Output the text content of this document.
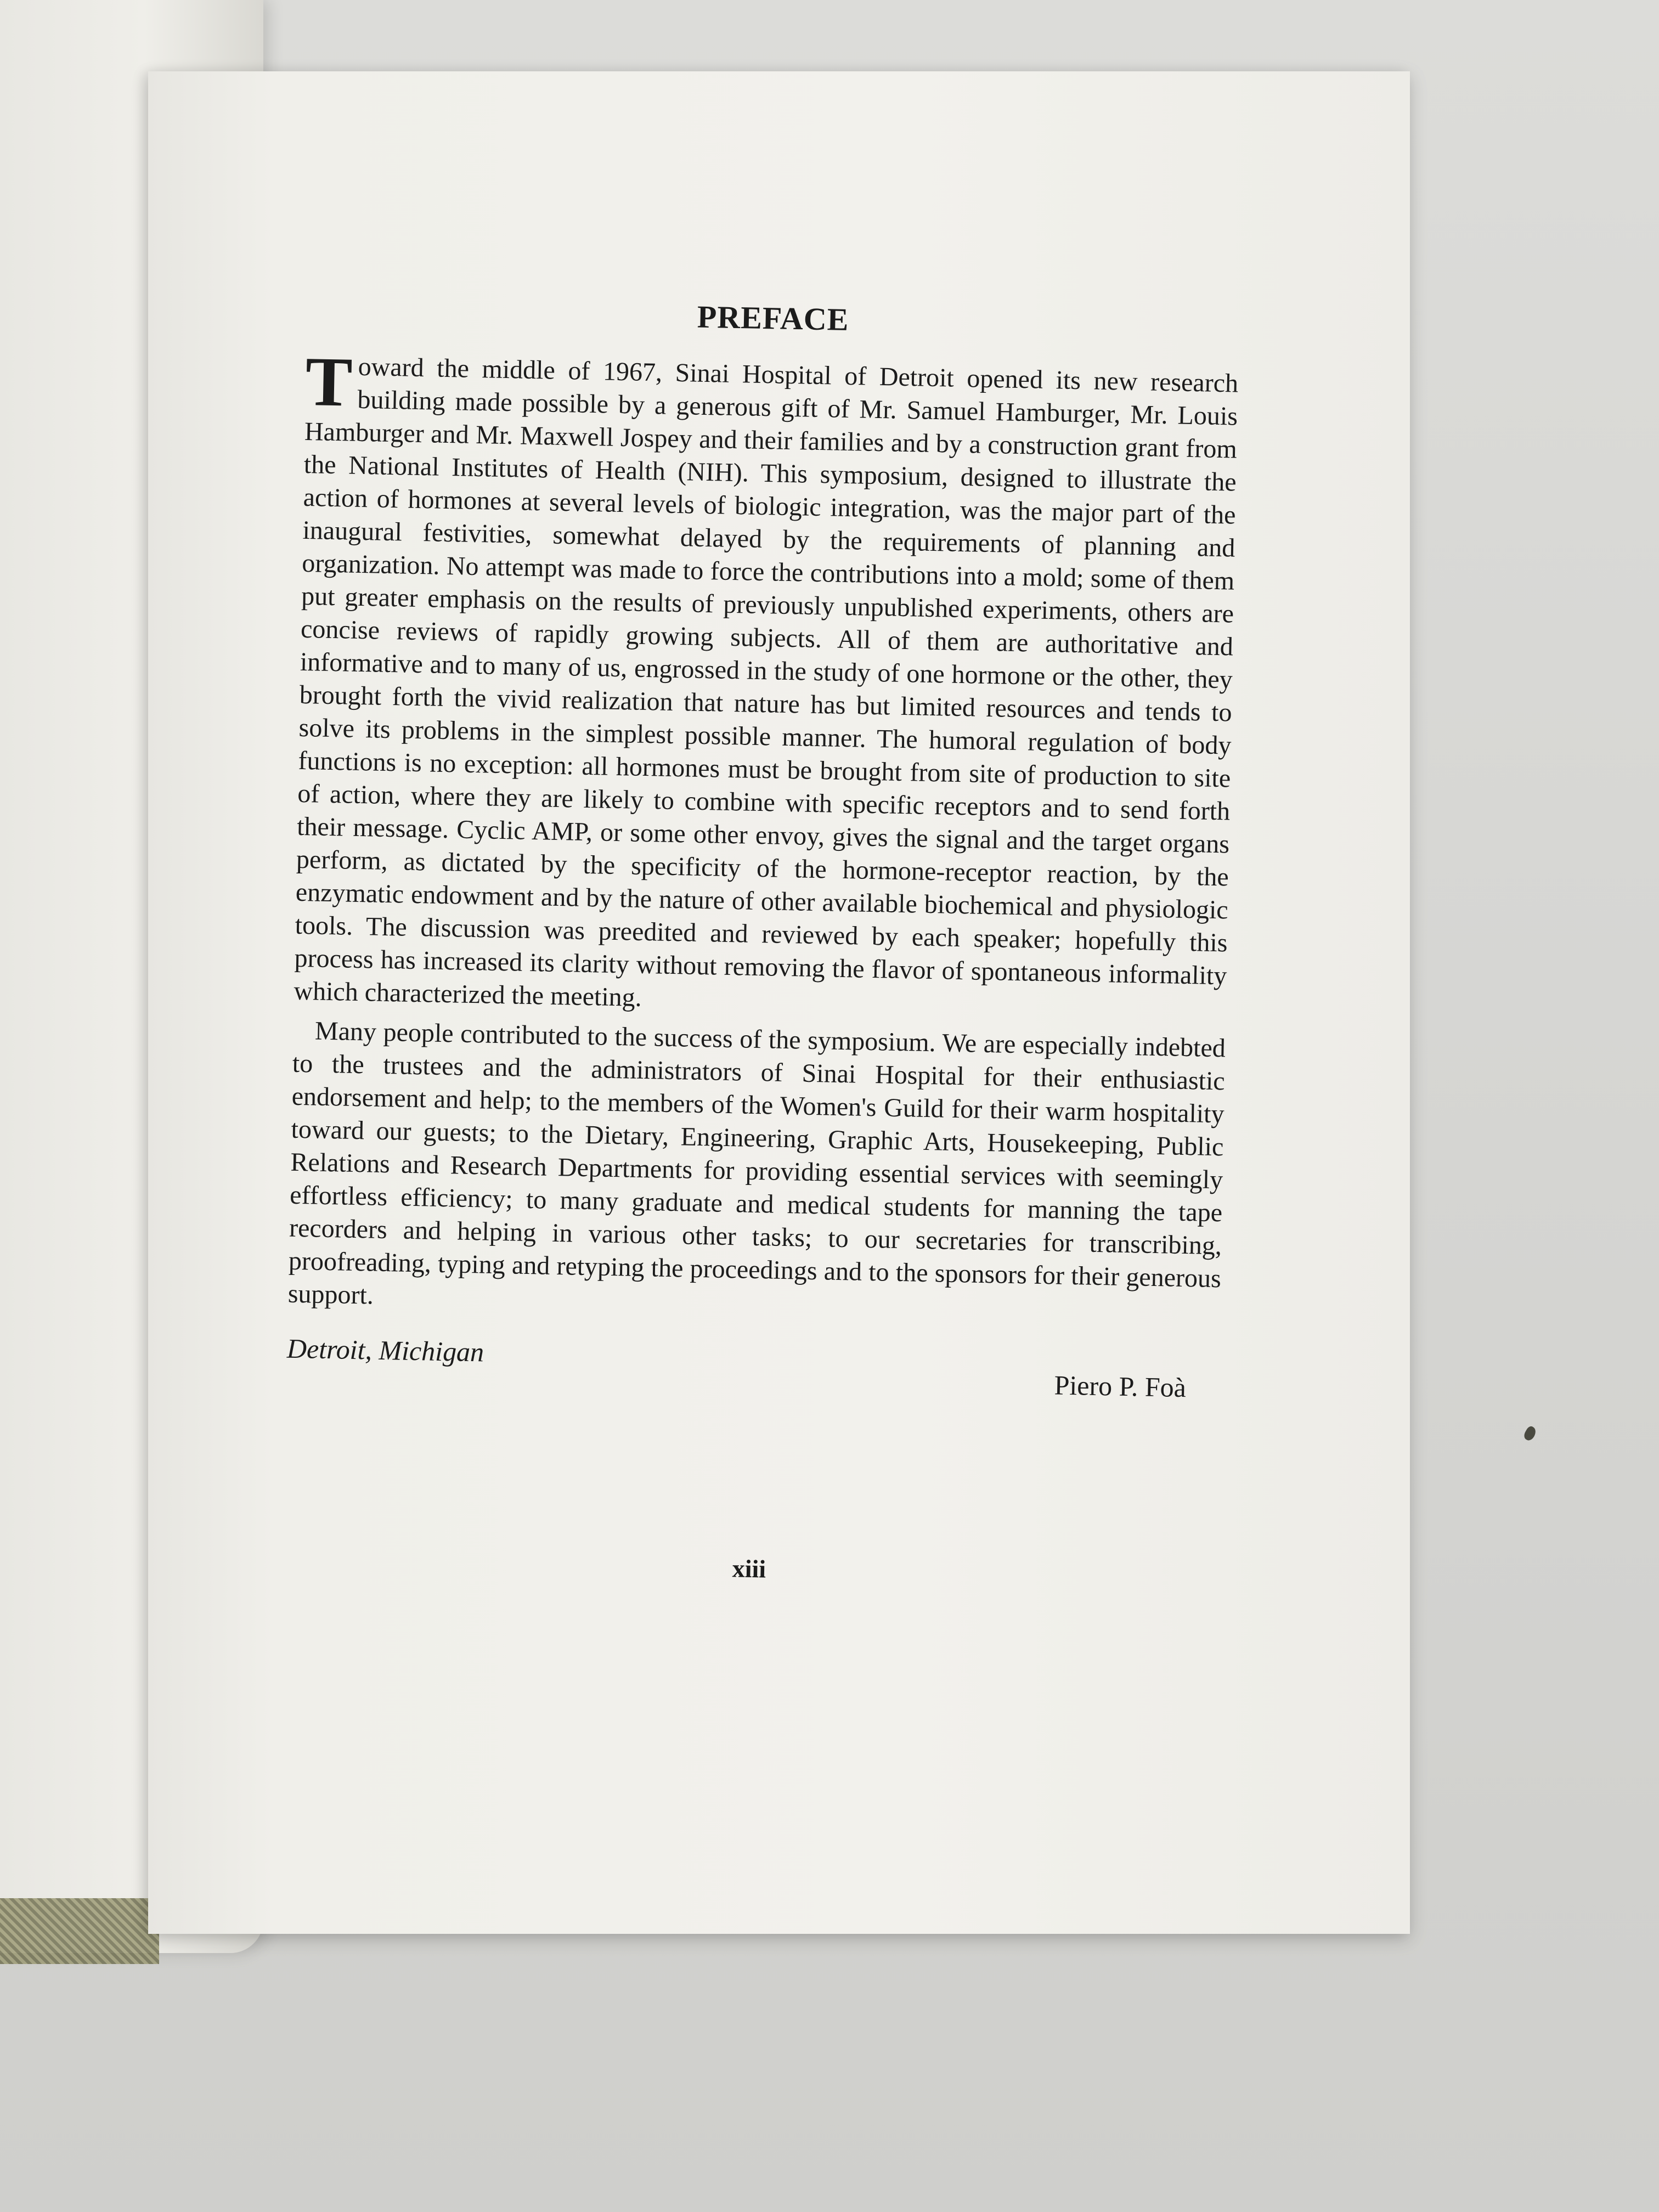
PREFACE

Toward the middle of 1967, Sinai Hospital of Detroit opened its new research building made possible by a generous gift of Mr. Samuel Hamburger, Mr. Louis Hamburger and Mr. Maxwell Jospey and their families and by a construction grant from the National Institutes of Health (NIH). This symposium, designed to illustrate the action of hormones at several levels of biologic integration, was the major part of the inaugural festivities, somewhat delayed by the requirements of planning and organization. No attempt was made to force the contributions into a mold; some of them put greater emphasis on the results of previously unpublished experiments, others are concise reviews of rapidly growing subjects. All of them are authoritative and informative and to many of us, engrossed in the study of one hormone or the other, they brought forth the vivid realization that nature has but limited resources and tends to solve its problems in the simplest possible manner. The humoral regulation of body functions is no exception: all hormones must be brought from site of production to site of action, where they are likely to combine with specific receptors and to send forth their message. Cyclic AMP, or some other envoy, gives the signal and the target organs perform, as dictated by the specificity of the hormone-receptor reaction, by the enzymatic endowment and by the nature of other available biochemical and physiologic tools. The discussion was preedited and reviewed by each speaker; hopefully this process has increased its clarity without removing the flavor of spontaneous informality which characterized the meeting.

Many people contributed to the success of the symposium. We are especially indebted to the trustees and the administrators of Sinai Hospital for their enthusiastic endorsement and help; to the members of the Women's Guild for their warm hospitality toward our guests; to the Dietary, Engineering, Graphic Arts, Housekeeping, Public Relations and Research Departments for providing essential services with seemingly effortless efficiency; to many graduate and medical students for manning the tape recorders and helping in various other tasks; to our secretaries for transcribing, proofreading, typing and retyping the proceedings and to the sponsors for their generous support.

Detroit, Michigan
Piero P. Foà
xiii
